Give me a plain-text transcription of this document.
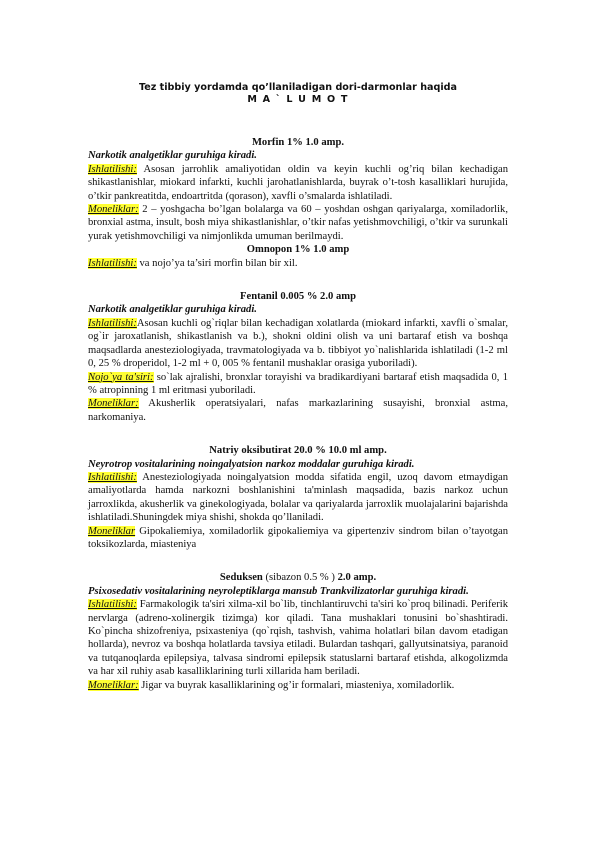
Tez tibbiy yordamda qo’llaniladigan dori-darmonlar haqida
M A ` L U M O T
Morfin 1% 1.0 amp.
Narkotik analgetiklar guruhiga kiradi.
Ishlatilishi: Asosan jarrohlik amaliyotidan oldin va keyin kuchli og’riq bilan kechadigan shikastlanishlar, miokard infarkti, kuchli jarohatlanishlarda, buyrak o’t-tosh kasalliklari hurujida, o’tkir pankreatitda, endoartritda (qorason), xavfli o’smalarda ishlatiladi.
Moneliklar: 2 – yoshgacha bo’lgan bolalarga va 60 – yoshdan oshgan qariyalarga, xomiladorlik, bronxial astma, insult, bosh miya shikastlanishlar, o’tkir nafas yetishmovchiligi, o’tkir va surunkali yurak yetishmovchiligi va nimjonlikda umuman berilmaydi.
Omnopon 1% 1.0 amp
Ishlatilishi: va nojo’ya ta’siri morfin bilan bir xil.
Fentanil 0.005 % 2.0 amp
Narkotik analgetiklar guruhiga kiradi.
Ishlatilishi:Asosan kuchli og`riqlar bilan kechadigan xolatlarda (miokard infarkti, xavfli o`smalar, og`ir jaroxatlanish, shikastlanish va b.), shokni oldini olish va uni bartaraf etish va boshqa maqsadlarda anesteziologiyada, travmatologiyada va b. tibbiyot yo`nalishlarida ishlatiladi (1-2 ml 0, 25 % droperidol, 1-2 ml + 0, 005 % fentanil mushaklar orasiga yuboriladi).
Nojo`ya ta'siri: so`lak ajralishi, bronxlar torayishi va bradikardiyani bartaraf etish maqsadida 0, 1 % atropinning 1 ml eritmasi yuboriladi.
Moneliklar: Akusherlik operatsiyalari, nafas markazlarining susayishi, bronxial astma, narkomaniya.
Natriy oksibutirat 20.0 % 10.0 ml amp.
Neyrotrop vositalarining noingalyatsion narkoz moddalar guruhiga kiradi.
Ishlatilishi: Anesteziologiyada noingalyatsion modda sifatida engil, uzoq davom etmaydigan amaliyotlarda hamda narkozni boshlanishini ta'minlash maqsadida, bazis narkoz uchun jarroxlikda, akusherlik va ginekologiyada, bolalar va qariyalarda jarroxlik muolajalarini bajarishda ishlatiladi.Shuningdek miya shishi, shokda qo’llaniladi.
Moneliklar Gipokaliemiya, xomiladorlik gipokaliemiya va gipertenziv sindrom bilan o’tayotgan toksikozlarda, miasteniya
Seduksen (sibazon 0.5 % ) 2.0 amp.
Psixosedativ vositalarining neyroleptiklarga mansub Trankvilizatorlar guruhiga kiradi.
Ishlatilishi: Farmakologik ta'siri xilma-xil bo`lib, tinchlantiruvchi ta'siri ko`proq bilinadi. Periferik nervlarga (adreno-xolinergik tizimga) kor qiladi. Tana mushaklari tonusini bo`shashtiradi. Ko`pincha shizofreniya, psixasteniya (qo`rqish, tashvish, vahima holatlari bilan davom etadigan hollarda), nevroz va boshqa holatlarda tavsiya etiladi. Bulardan tashqari, gallyutsinatsiya, paranoid va tutqanoqlarda epilepsiya, talvasa sindromi epilepsik statuslarni bartaraf etishda, alkogolizmda va har xil ruhiy asab kasalliklarining turli xillarida ham beriladi.
Moneliklar: Jigar va buyrak kasalliklarining og’ir formalari, miasteniya, xomiladorlik.
